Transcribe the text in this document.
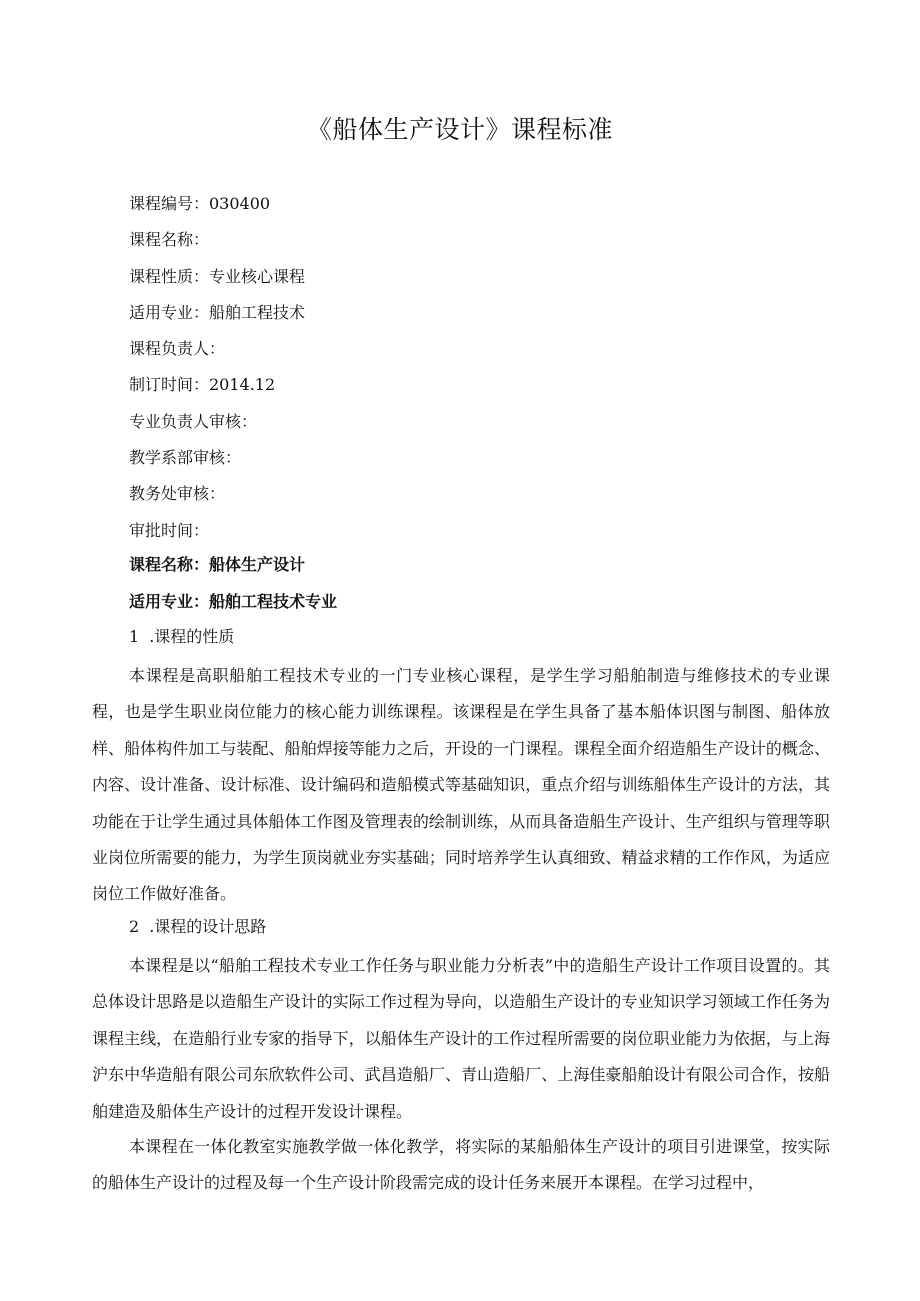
《船体生产设计》课程标准
课程编号：030400
课程名称：
课程性质：专业核心课程
适用专业：船舶工程技术
课程负责人：
制订时间：2014.12
专业负责人审核：
教学系部审核：
教务处审核：
审批时间：
课程名称：船体生产设计
适用专业：船舶工程技术专业
1 .课程的性质

本课程是高职船舶工程技术专业的一门专业核心课程，是学生学习船舶制造与维修技术的专业课程，也是学生职业岗位能力的核心能力训练课程。该课程是在学生具备了基本船体识图与制图、船体放样、船体构件加工与装配、船舶焊接等能力之后，开设的一门课程。课程全面介绍造船生产设计的概念、内容、设计准备、设计标准、设计编码和造船模式等基础知识，重点介绍与训练船体生产设计的方法，其功能在于让学生通过具体船体工作图及管理表的绘制训练，从而具备造船生产设计、生产组织与管理等职业岗位所需要的能力，为学生顶岗就业夯实基础；同时培养学生认真细致、精益求精的工作作风，为适应岗位工作做好准备。

2 .课程的设计思路

本课程是以“船舶工程技术专业工作任务与职业能力分析表”中的造船生产设计工作项目设置的。其总体设计思路是以造船生产设计的实际工作过程为导向，以造船生产设计的专业知识学习领域工作任务为课程主线，在造船行业专家的指导下，以船体生产设计的工作过程所需要的岗位职业能力为依据，与上海沪东中华造船有限公司东欣软件公司、武昌造船厂、青山造船厂、上海佳豪船舶设计有限公司合作，按船舶建造及船体生产设计的过程开发设计课程。

本课程在一体化教室实施教学做一体化教学，将实际的某船船体生产设计的项目引进课堂，按实际的船体生产设计的过程及每一个生产设计阶段需完成的设计任务来展开本课程。在学习过程中，
